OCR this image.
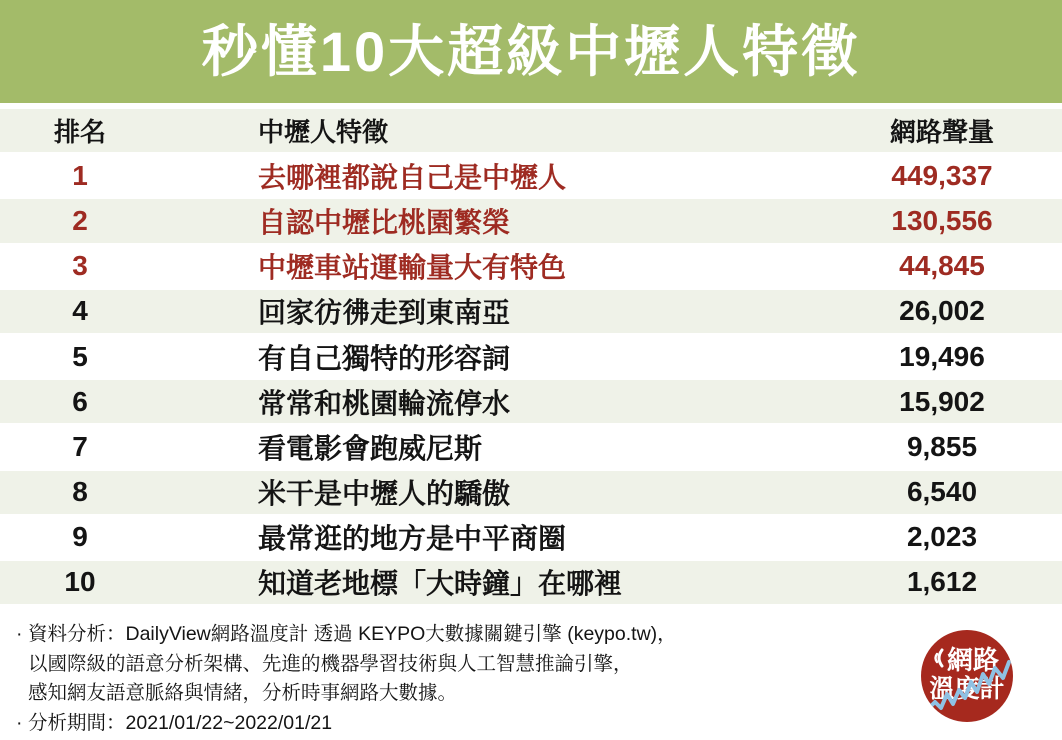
秒懂10大超級中壢人特徵
排名	中壢人特徵	網路聲量
1	去哪裡都說自己是中壢人	449,337
2	自認中壢比桃園繁榮	130,556
3	中壢車站運輸量大有特色	44,845
4	回家彷彿走到東南亞	26,002
5	有自己獨特的形容詞	19,496
6	常常和桃園輪流停水	15,902
7	看電影會跑威尼斯	9,855
8	米干是中壢人的驕傲	6,540
9	最常逛的地方是中平商圈	2,023
10	知道老地標「大時鐘」在哪裡	1,612
· 資料分析：DailyView網路溫度計 透過 KEYPO大數據關鍵引擎 (keypo.tw)，
以國際級的語意分析架構、先進的機器學習技術與人工智慧推論引擎，
感知網友語意脈絡與情緒，分析時事網路大數據。
· 分析期間：2021/01/22~2022/01/21
網路
溫度計
